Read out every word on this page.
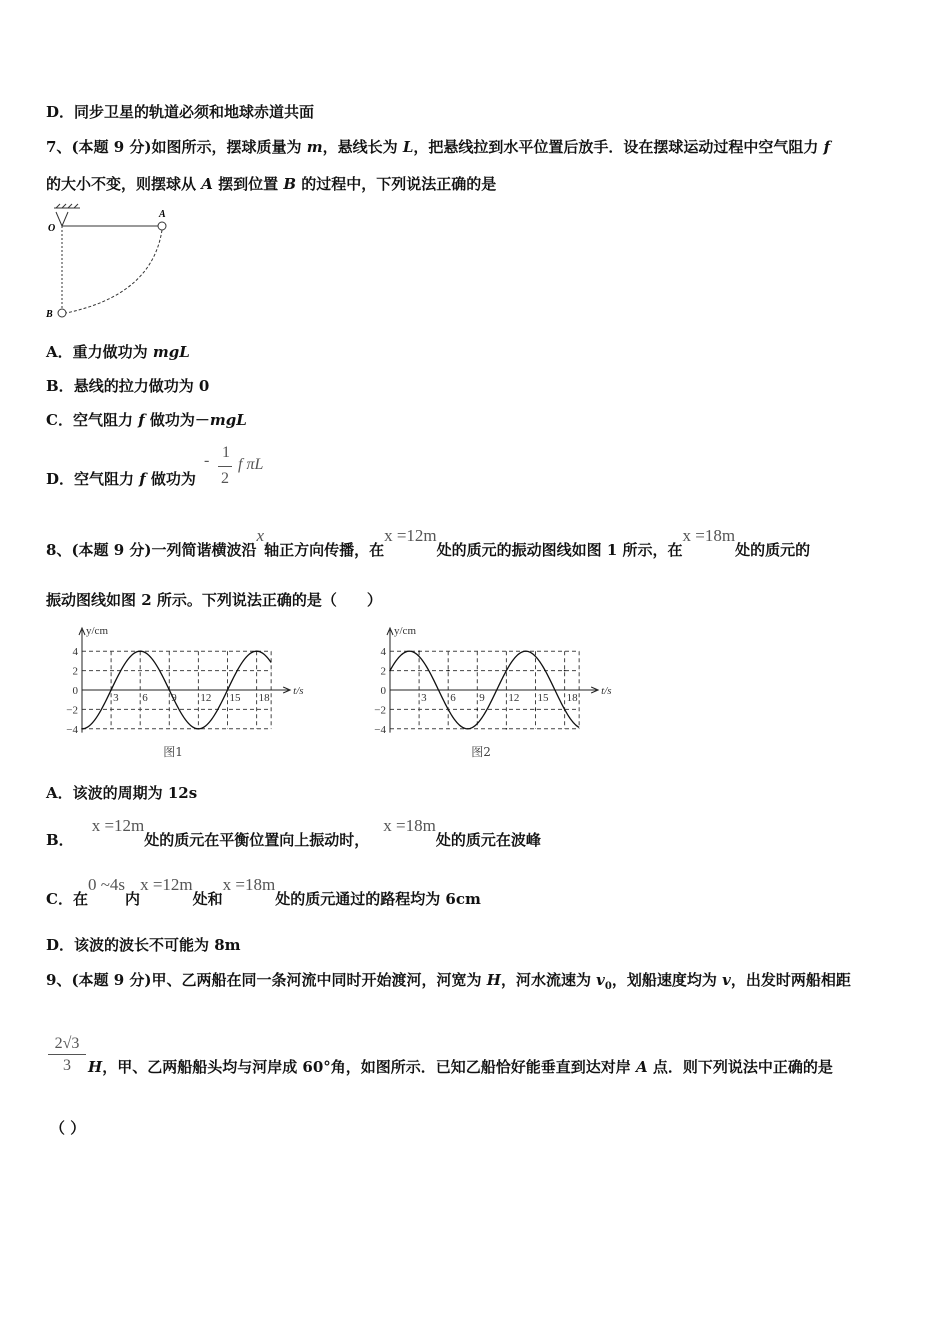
D．同步卫星的轨道必须和地球赤道共面
7、(本题 9 分)如图所示，摆球质量为 m，悬线长为 L，把悬线拉到水平位置后放手．设在摆球运动过程中空气阻力 f
的大小不变，则摆球从 A 摆到位置 B 的过程中，下列说法正确的是
O
A
B
A．重力做功为 mgL
B．悬线的拉力做功为 0
C．空气阻力 f 做功为－mgL
D．空气阻力 f 做功为
- 1
2
f πL
8、(本题 9 分)一列简谐横波沿x轴正方向传播，在x =12m处的质元的振动图线如图 1 所示，在x =18m处的质元的
振动图线如图 2 所示。下列说法正确的是（　　）
y/cm
t/s
4
2
0
−2
−4
3 6 9 12 15 18
图1
y/cm
t/s
4
2
0
−2
−4
3 6 9 12 15 18
图2
A．该波的周期为 12s
B．x =12m处的质元在平衡位置向上振动时，x =18m处的质元在波峰
C．在0 ~4s内x =12m处和x =18m处的质元通过的路程均为 6cm
D．该波的波长不可能为 8m
9、(本题 9 分)甲、乙两船在同一条河流中同时开始渡河，河宽为 H，河水流速为 $v_0$，划船速度均为 v，出发时两船相距
$\frac{2√3}{3}$ H，甲、乙两船船头均与河岸成 60°角，如图所示．已知乙船恰好能垂直到达对岸 A 点．则下列说法中正确的是
（ ）
